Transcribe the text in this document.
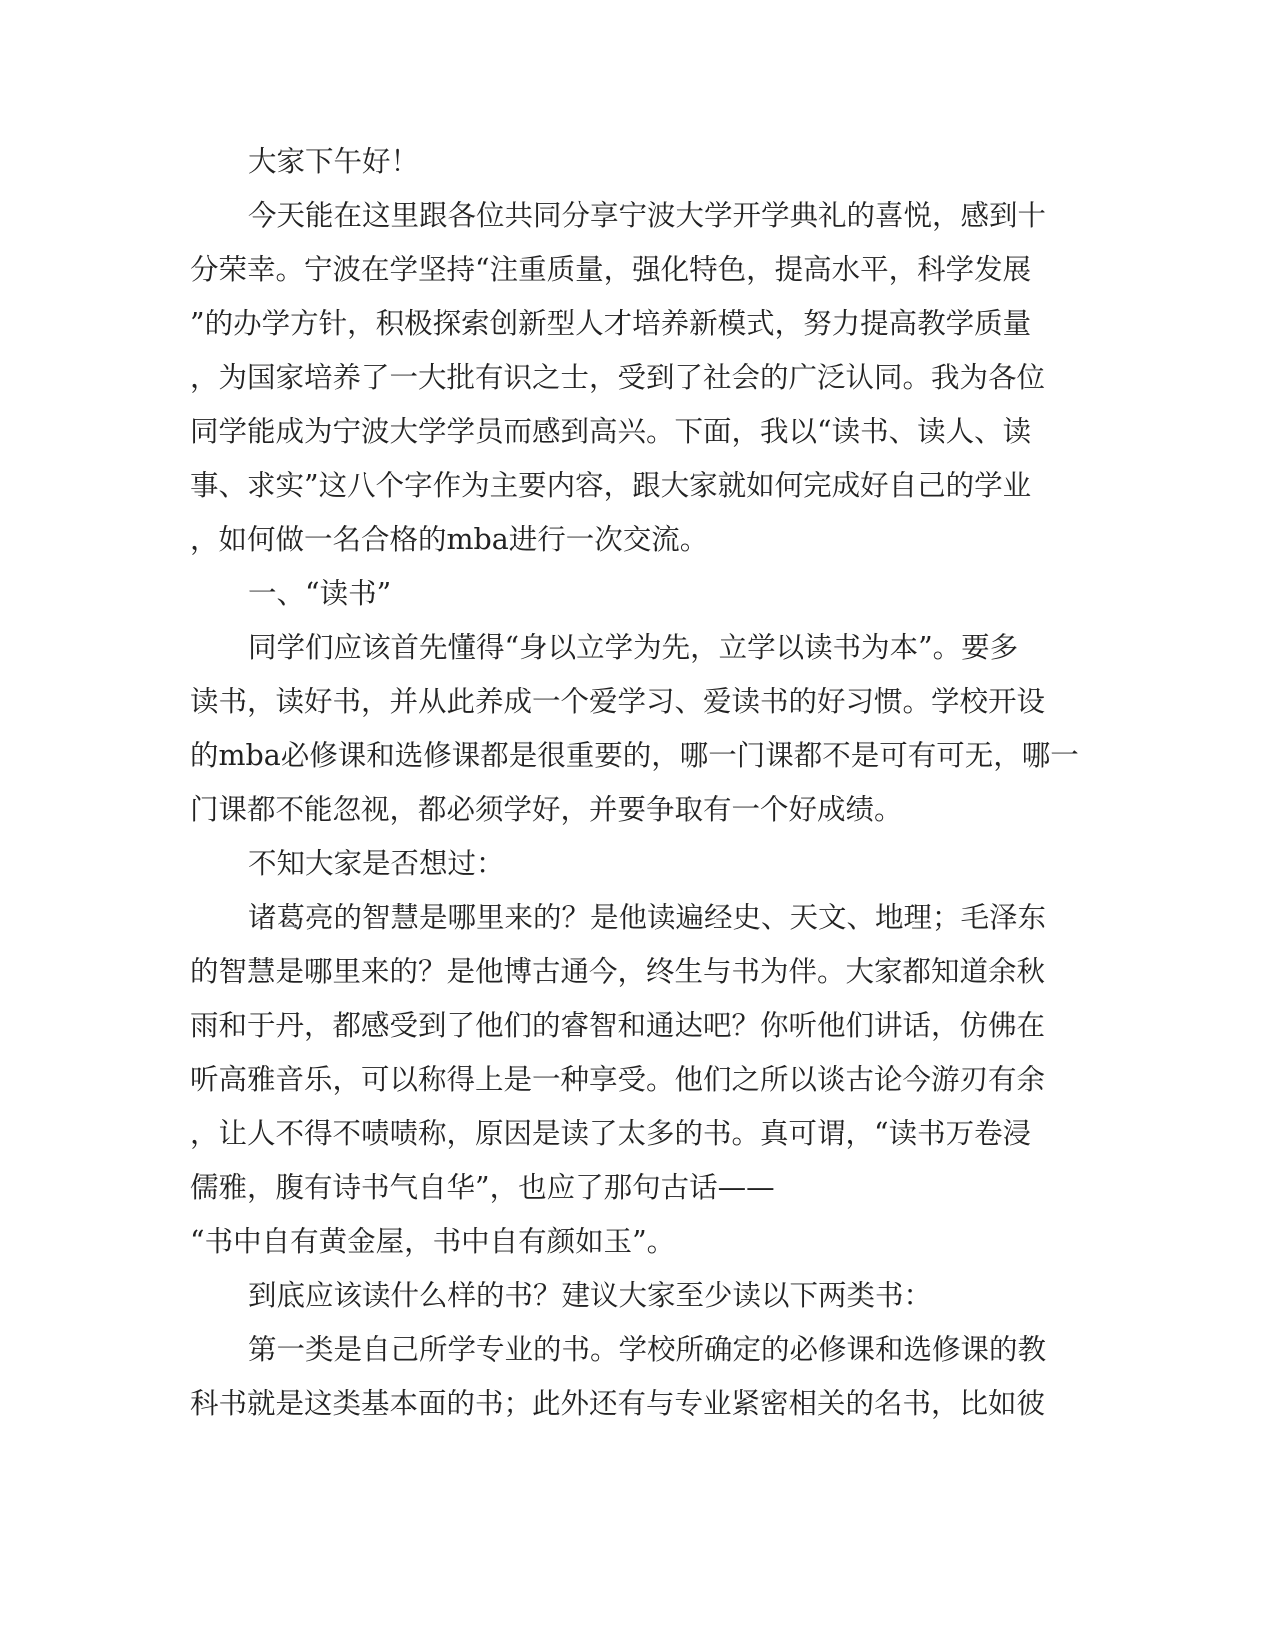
大家下午好！
今天能在这里跟各位共同分享宁波大学开学典礼的喜悦，感到十
分荣幸。宁波在学坚持“注重质量，强化特色，提高水平，科学发展
”的办学方针，积极探索创新型人才培养新模式，努力提高教学质量
，为国家培养了一大批有识之士，受到了社会的广泛认同。我为各位
同学能成为宁波大学学员而感到高兴。下面，我以“读书、读人、读
事、求实”这八个字作为主要内容，跟大家就如何完成好自己的学业
，如何做一名合格的mba进行一次交流。
一、“读书”
同学们应该首先懂得“身以立学为先，立学以读书为本”。要多
读书，读好书，并从此养成一个爱学习、爱读书的好习惯。学校开设
的mba必修课和选修课都是很重要的，哪一门课都不是可有可无，哪一
门课都不能忽视，都必须学好，并要争取有一个好成绩。
不知大家是否想过：
诸葛亮的智慧是哪里来的？是他读遍经史、天文、地理；毛泽东
的智慧是哪里来的？是他博古通今，终生与书为伴。大家都知道余秋
雨和于丹，都感受到了他们的睿智和通达吧？你听他们讲话，仿佛在
听高雅音乐，可以称得上是一种享受。他们之所以谈古论今游刃有余
，让人不得不啧啧称，原因是读了太多的书。真可谓，“读书万卷浸
儒雅，腹有诗书气自华”，也应了那句古话——
“书中自有黄金屋，书中自有颜如玉”。
到底应该读什么样的书？建议大家至少读以下两类书：
第一类是自己所学专业的书。学校所确定的必修课和选修课的教
科书就是这类基本面的书；此外还有与专业紧密相关的名书，比如彼
